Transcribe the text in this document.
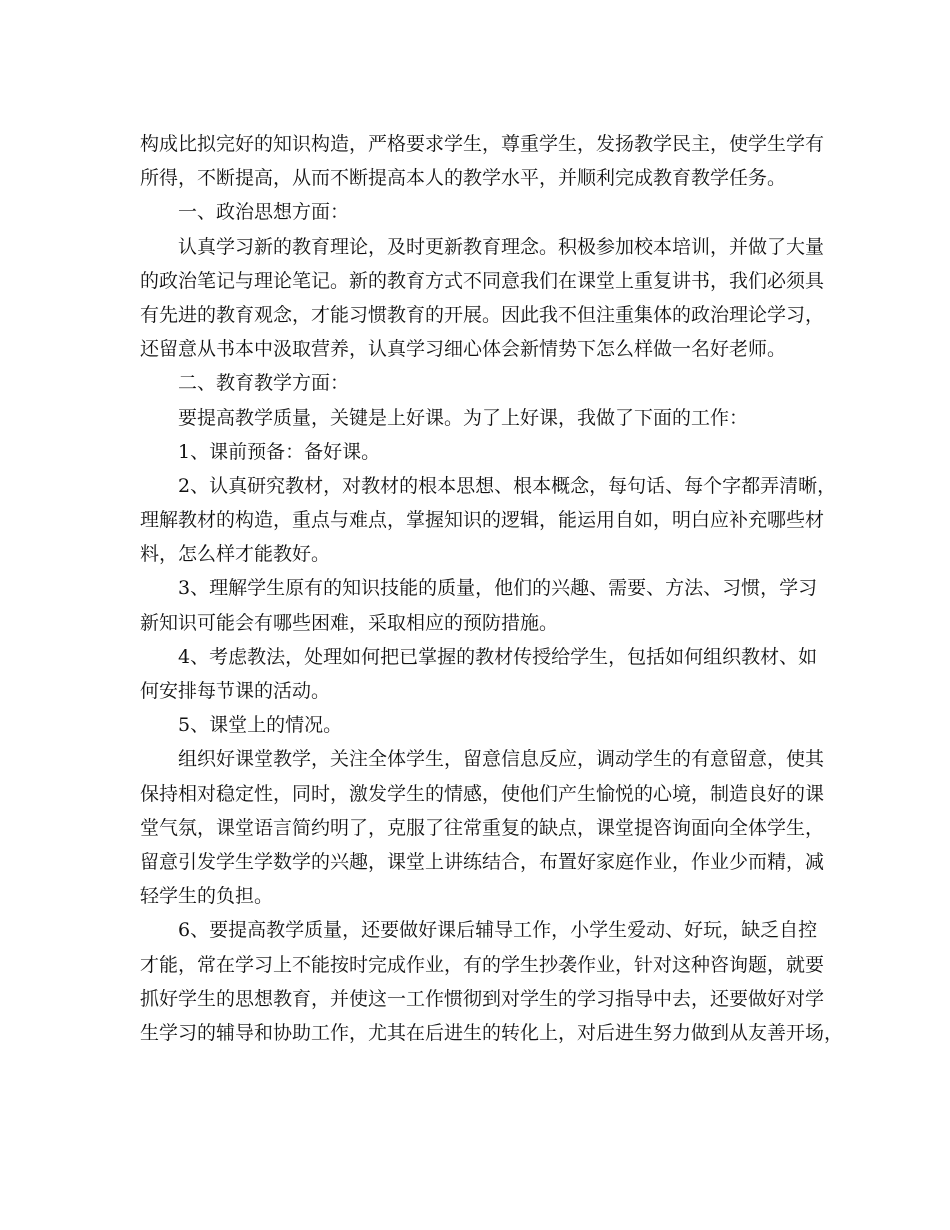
构成比拟完好的知识构造，严格要求学生，尊重学生，发扬教学民主，使学生学有
所得，不断提高，从而不断提高本人的教学水平，并顺利完成教育教学任务。
一、政治思想方面：
认真学习新的教育理论，及时更新教育理念。积极参加校本培训，并做了大量
的政治笔记与理论笔记。新的教育方式不同意我们在课堂上重复讲书，我们必须具
有先进的教育观念，才能习惯教育的开展。因此我不但注重集体的政治理论学习，
还留意从书本中汲取营养，认真学习细心体会新情势下怎么样做一名好老师。
二、教育教学方面：
要提高教学质量，关键是上好课。为了上好课，我做了下面的工作：
1、课前预备：备好课。
2、认真研究教材，对教材的根本思想、根本概念，每句话、每个字都弄清晰，
理解教材的构造，重点与难点，掌握知识的逻辑，能运用自如，明白应补充哪些材
料，怎么样才能教好。
3、理解学生原有的知识技能的质量，他们的兴趣、需要、方法、习惯，学习
新知识可能会有哪些困难，采取相应的预防措施。
4、考虑教法，处理如何把已掌握的教材传授给学生，包括如何组织教材、如
何安排每节课的活动。
5、课堂上的情况。
组织好课堂教学，关注全体学生，留意信息反应，调动学生的有意留意，使其
保持相对稳定性，同时，激发学生的情感，使他们产生愉悦的心境，制造良好的课
堂气氛，课堂语言简约明了，克服了往常重复的缺点，课堂提咨询面向全体学生，
留意引发学生学数学的兴趣，课堂上讲练结合，布置好家庭作业，作业少而精，减
轻学生的负担。
6、要提高教学质量，还要做好课后辅导工作，小学生爱动、好玩，缺乏自控
才能，常在学习上不能按时完成作业，有的学生抄袭作业，针对这种咨询题，就要
抓好学生的思想教育，并使这一工作惯彻到对学生的学习指导中去，还要做好对学
生学习的辅导和协助工作，尤其在后进生的转化上，对后进生努力做到从友善开场，
